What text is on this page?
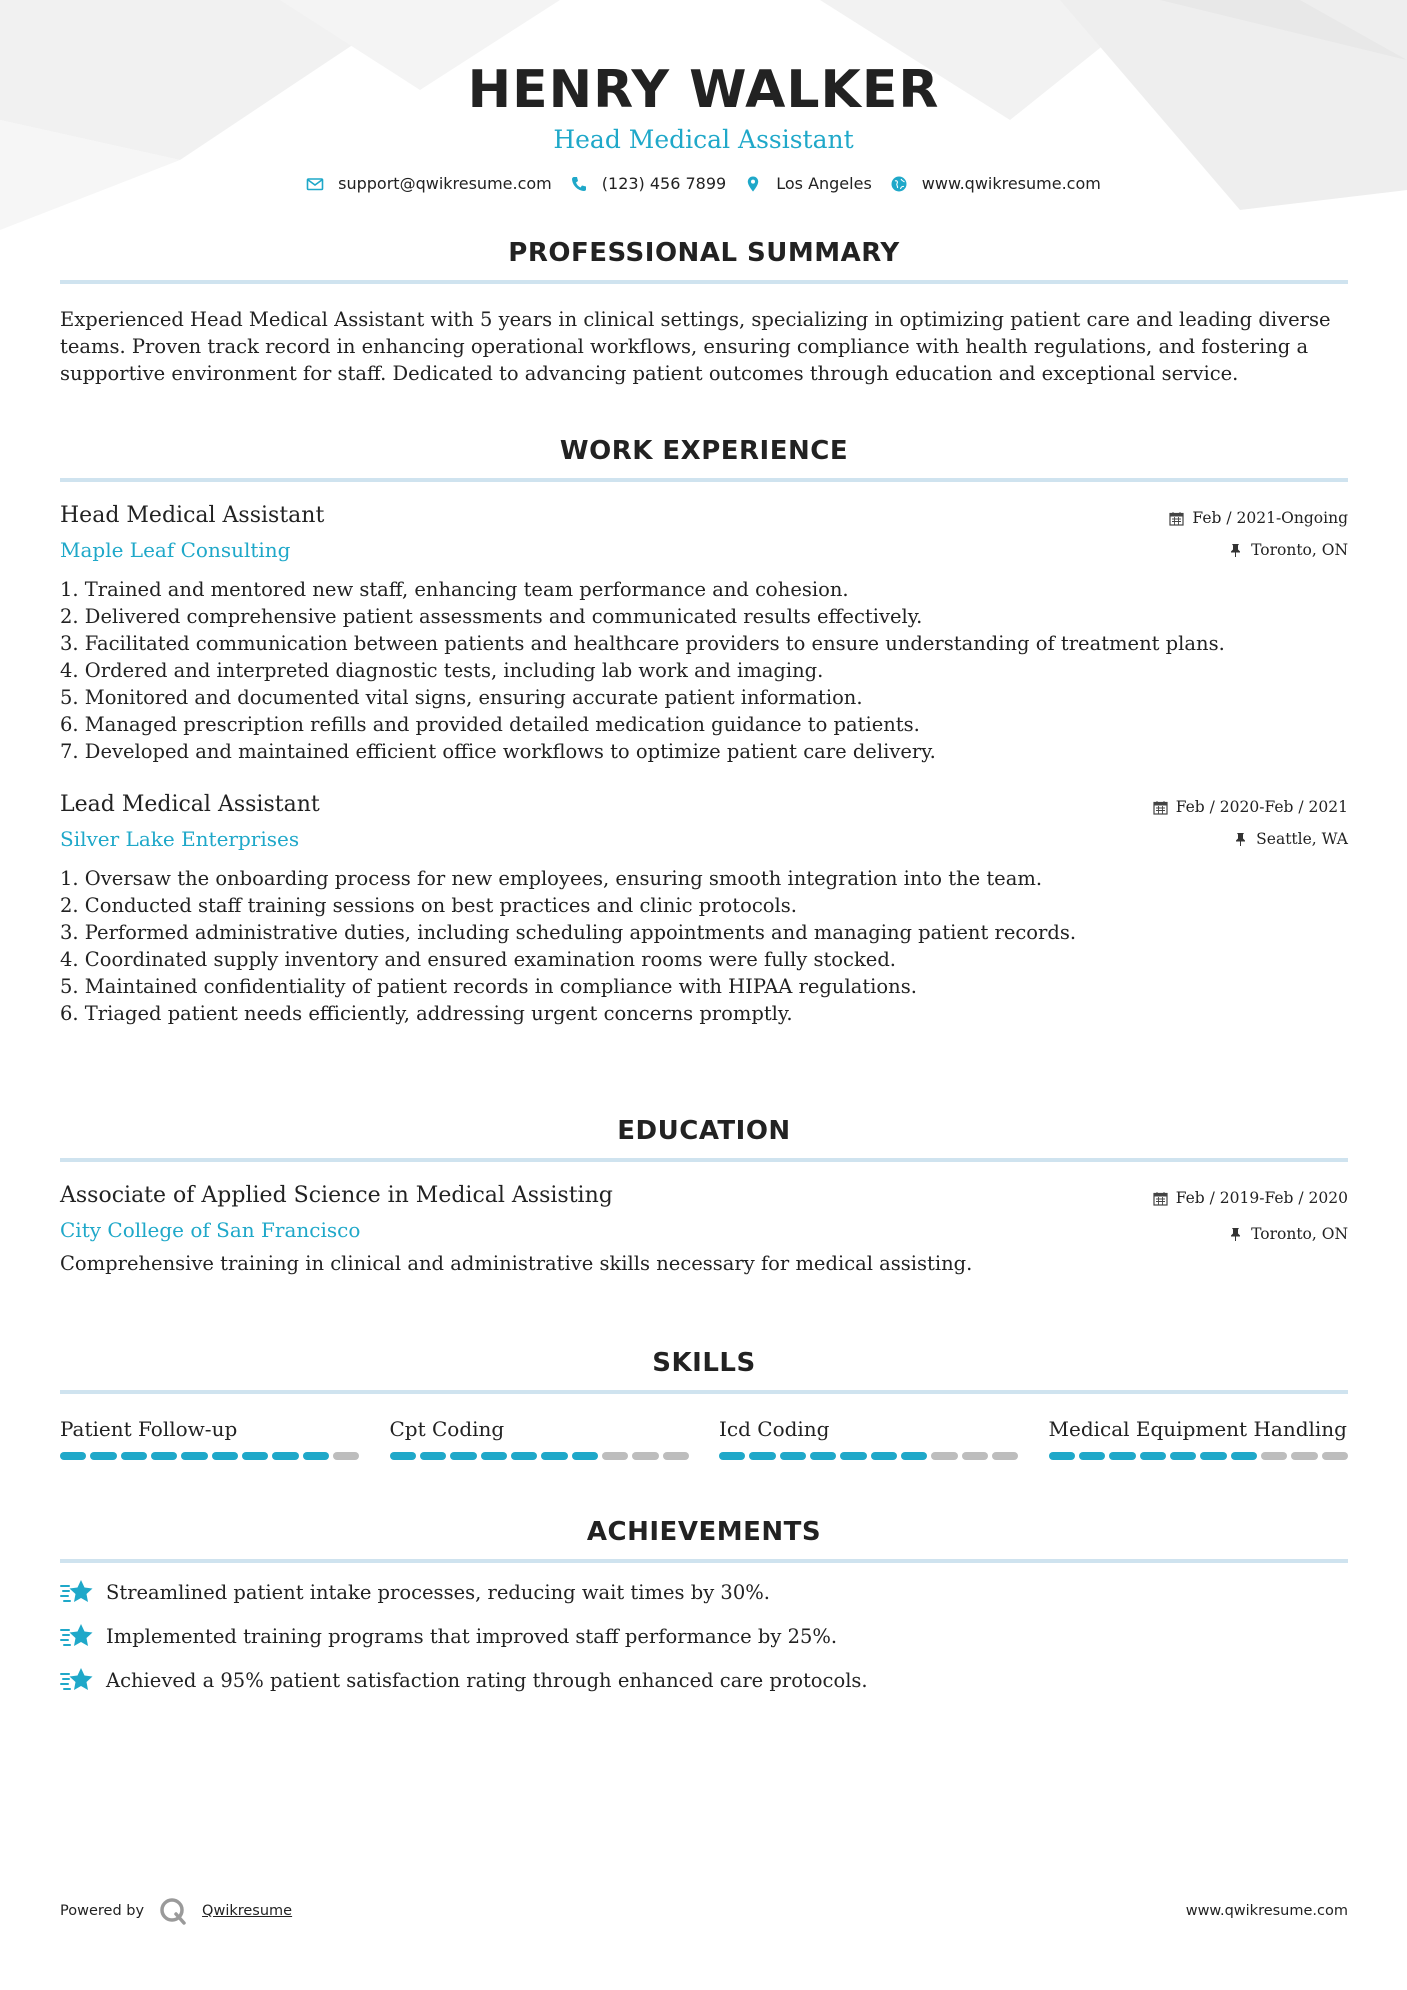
HENRY WALKER
Head Medical Assistant
support@qwikresume.com	(123) 456 7899	Los Angeles	www.qwikresume.com
PROFESSIONAL SUMMARY

Experienced Head Medical Assistant with 5 years in clinical settings, specializing in optimizing patient care and leading diverse teams. Proven track record in enhancing operational workflows, ensuring compliance with health regulations, and fostering a supportive environment for staff. Dedicated to advancing patient outcomes through education and exceptional service.

WORK EXPERIENCE
Head Medical Assistant
Maple Leaf Consulting
Feb / 2021-Ongoing
Toronto, ON
1. Trained and mentored new staff, enhancing team performance and cohesion.
2. Delivered comprehensive patient assessments and communicated results effectively.
3. Facilitated communication between patients and healthcare providers to ensure understanding of treatment plans.
4. Ordered and interpreted diagnostic tests, including lab work and imaging.
5. Monitored and documented vital signs, ensuring accurate patient information.
6. Managed prescription refills and provided detailed medication guidance to patients.
7. Developed and maintained efficient office workflows to optimize patient care delivery.
Lead Medical Assistant
Silver Lake Enterprises
Feb / 2020-Feb / 2021
Seattle, WA
1. Oversaw the onboarding process for new employees, ensuring smooth integration into the team.
2. Conducted staff training sessions on best practices and clinic protocols.
3. Performed administrative duties, including scheduling appointments and managing patient records.
4. Coordinated supply inventory and ensured examination rooms were fully stocked.
5. Maintained confidentiality of patient records in compliance with HIPAA regulations.
6. Triaged patient needs efficiently, addressing urgent concerns promptly.
EDUCATION
Associate of Applied Science in Medical Assisting
City College of San Francisco
Feb / 2019-Feb / 2020
Toronto, ON

Comprehensive training in clinical and administrative skills necessary for medical assisting.

SKILLS
Patient Follow-up	Cpt Coding	Icd Coding	Medical Equipment Handling
ACHIEVEMENTS
Streamlined patient intake processes, reducing wait times by 30%.
Implemented training programs that improved staff performance by 25%.
Achieved a 95% patient satisfaction rating through enhanced care protocols.
Powered by	Qwikresume	www.qwikresume.com
